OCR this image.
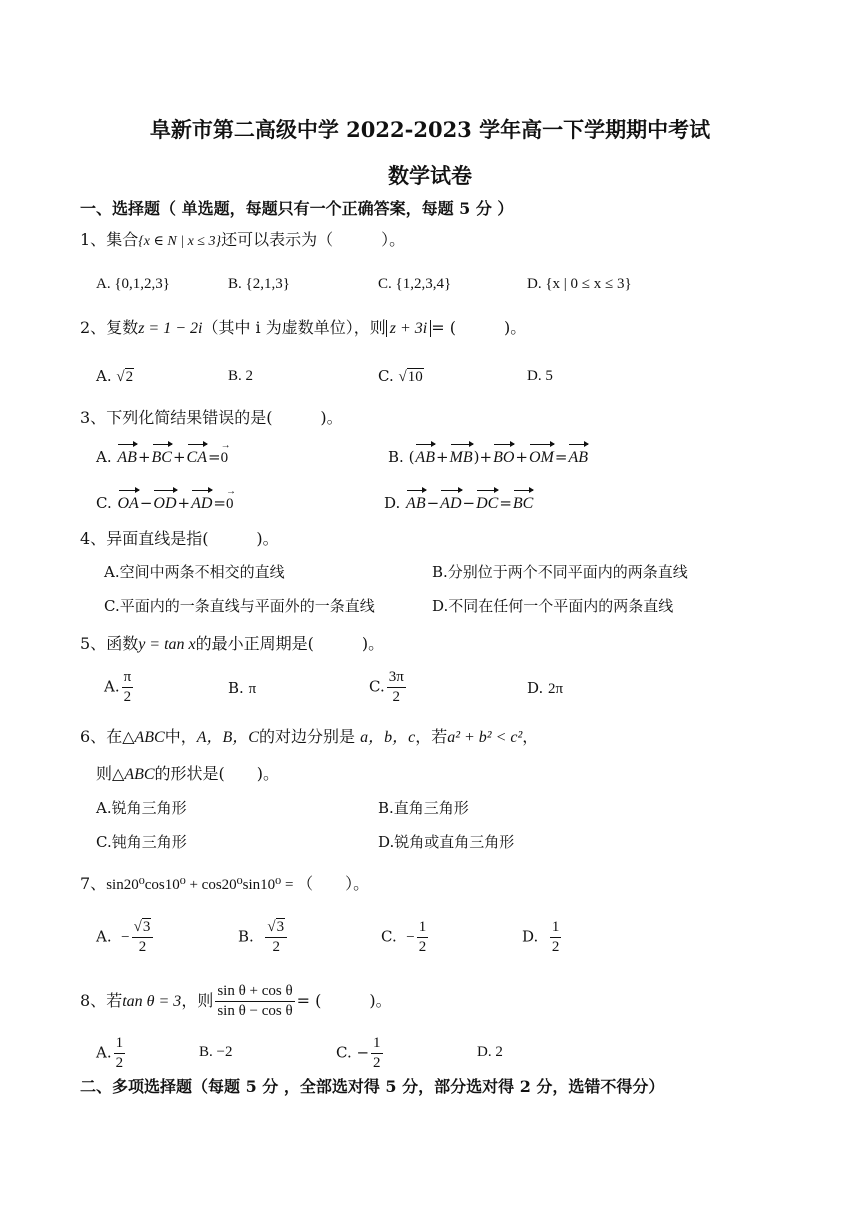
阜新市第二高级中学 2022-2023 学年高一下学期期中考试
数学试卷
一、选择题（ 单选题，每题只有一个正确答案，每题 5 分 ）
1、集合{x ∈ N | x ≤ 3}还可以表示为（　　　）。
A. {0,1,2,3}	B. {2,1,3}	C. {1,2,3,4}	D. {x | 0 ≤ x ≤ 3}
2、复数z = 1 − 2i（其中 i 为虚数单位），则 z + 3i = (　　　)。
A. √2	B. 2	C. √10	D. 5
3、下列化简结果错误的是(　　　)。
A. AB+BC+CA=0 →	B. (AB+MB)+BO+OM=AB
C. OA−OD+AD=0 →	D. AB−AD−DC=BC
4、异面直线是指(　　　)。
A.空间中两条不相交的直线	B.分别位于两个不同平面内的两条直线
C.平面内的一条直线与平面外的一条直线	D.不同在任何一个平面内的两条直线
5、函数y = tan x的最小正周期是(　　　)。
A. $\frac{\pi}{2}$	B. π	C. $\frac{3\pi}{2}$	D. 2π
6、在△ABC中，A，B，C的对边分别是 a，b，c，若a² + b² < c²，
则△ABC的形状是(　　)。
A.锐角三角形	B.直角三角形
C.钝角三角形	D.锐角或直角三角形
7、sin20⁰cos10⁰ + cos20⁰sin10⁰ = （　　）。
A. − $\frac{√3}{2}$	B. $\frac{√3}{2}$	C. − $\frac{1}{2}$	D. $\frac{1}{2}$
8、若tan θ = 3，则 $\frac{\text{sin θ + cos θ}}{\text{sin θ − cos θ}}$ = (　　　)。
A. $\frac{1}{2}$	B. −2	C. − $\frac{1}{2}$	D. 2
二、多项选择题（每题 5 分 ，全部选对得 5 分，部分选对得 2 分，选错不得分）
